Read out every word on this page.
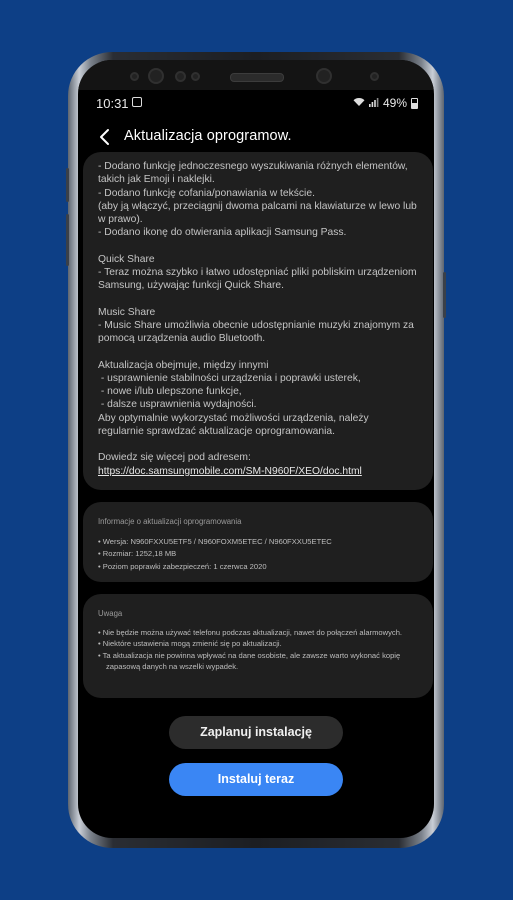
10:31	49%
Aktualizacja oprogramow.

- Dodano funkcję jednoczesnego wyszukiwania różnych elementów, takich jak Emoji i naklejki.

- Dodano funkcję cofania/ponawiania w tekście.

(aby ją włączyć, przeciągnij dwoma palcami na klawiaturze w lewo lub w prawo).

- Dodano ikonę do otwierania aplikacji Samsung Pass.

Quick Share

- Teraz można szybko i łatwo udostępniać pliki pobliskim urządzeniom Samsung, używając funkcji Quick Share.

Music Share

- Music Share umożliwia obecnie udostępnianie muzyki znajomym za pomocą urządzenia audio Bluetooth.

Aktualizacja obejmuje, między innymi

- usprawnienie stabilności urządzenia i poprawki usterek,

- nowe i/lub ulepszone funkcje,

- dalsze usprawnienia wydajności.

Aby optymalnie wykorzystać możliwości urządzenia, należy regularnie sprawdzać aktualizacje oprogramowania.

Dowiedz się więcej pod adresem:

https://doc.samsungmobile.com/SM-N960F/XEO/doc.html

Informacje o aktualizacji oprogramowania
• Wersja: N960FXXU5ETF5 / N960FOXM5ETEC / N960FXXU5ETEC
• Rozmiar: 1252,18 MB
• Poziom poprawki zabezpieczeń: 1 czerwca 2020
Uwaga
• Nie będzie można używać telefonu podczas aktualizacji, nawet do połączeń alarmowych.
• Niektóre ustawienia mogą zmienić się po aktualizacji.
• Ta aktualizacja nie powinna wpływać na dane osobiste, ale zawsze warto wykonać kopię zapasową danych na wszelki wypadek.
Zaplanuj instalację
Instaluj teraz
